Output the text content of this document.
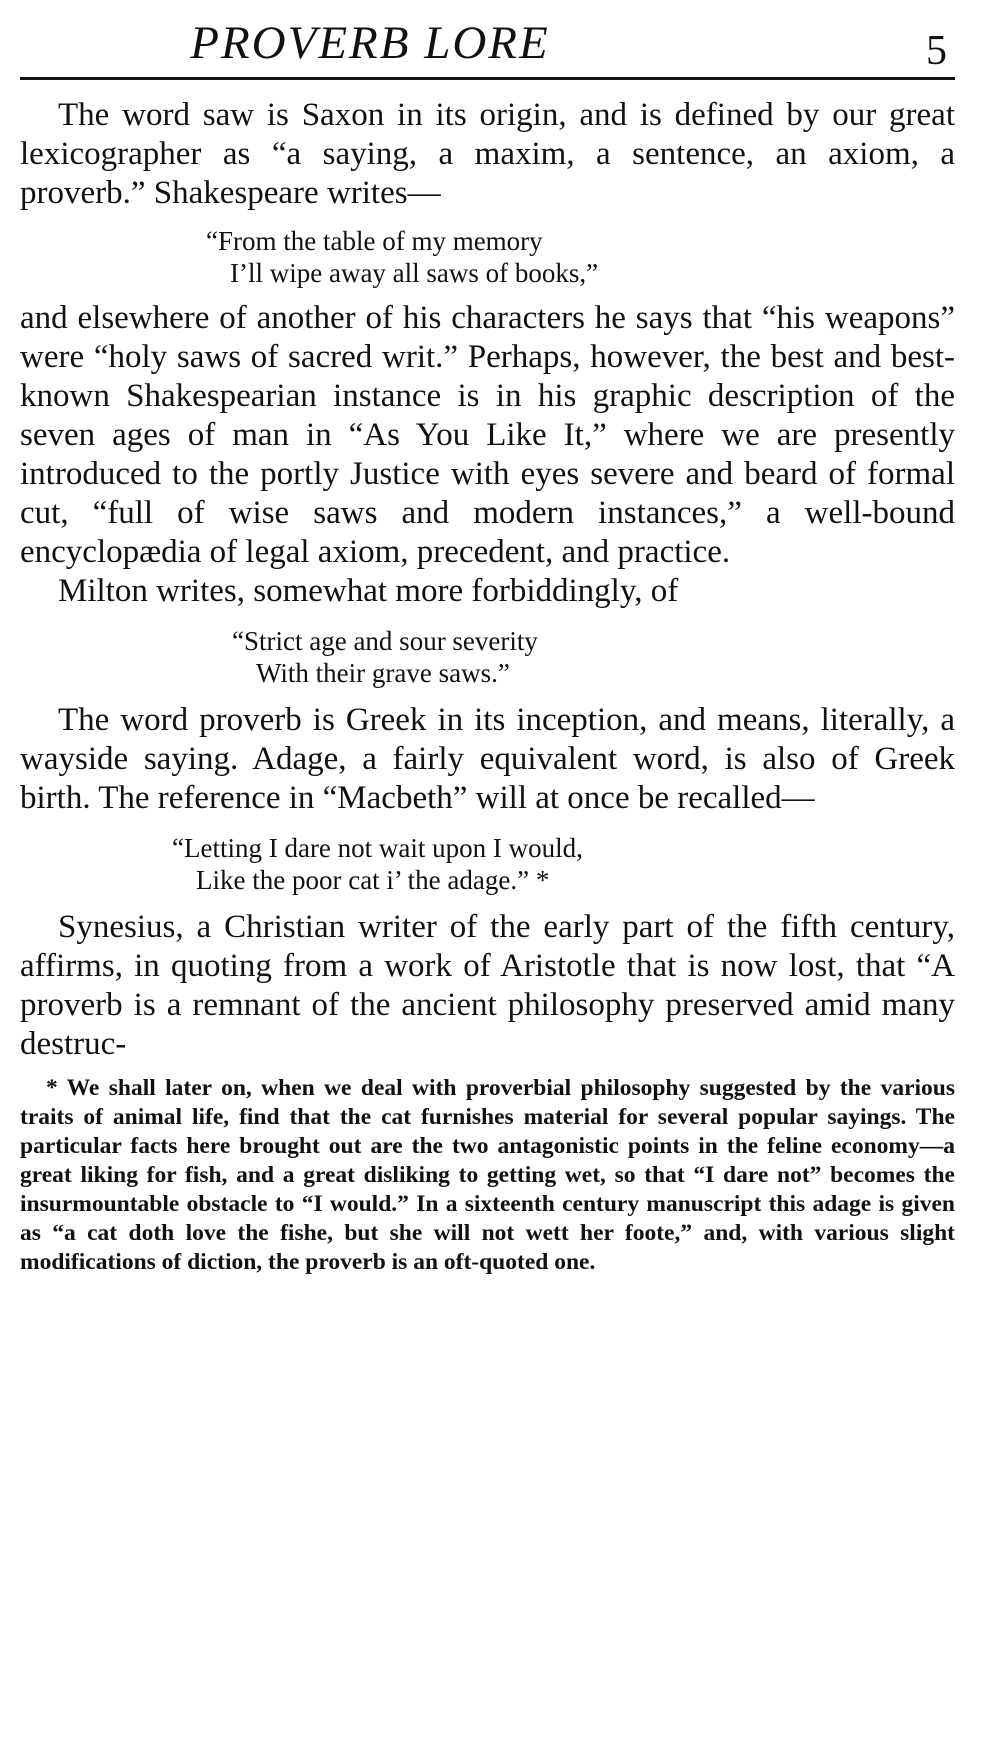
PROVERB LORE	5

The word saw is Saxon in its origin, and is defined by our great lexicographer as “a saying, a maxim, a sentence, an axiom, a proverb.” Shakespeare writes—

“From the table of my memory
I’ll wipe away all saws of books,”

and elsewhere of another of his characters he says that “his weapons” were “holy saws of sacred writ.” Perhaps, however, the best and best-known Shakespearian instance is in his graphic description of the seven ages of man in “As You Like It,” where we are presently introduced to the portly Justice with eyes severe and beard of formal cut, “full of wise saws and modern instances,” a well-bound encyclopædia of legal axiom, precedent, and practice.

Milton writes, somewhat more forbiddingly, of

“Strict age and sour severity
With their grave saws.”

The word proverb is Greek in its inception, and means, literally, a wayside saying. Adage, a fairly equivalent word, is also of Greek birth. The reference in “Macbeth” will at once be recalled—

“Letting I dare not wait upon I would,
Like the poor cat i’ the adage.” *

Synesius, a Christian writer of the early part of the fifth century, affirms, in quoting from a work of Aristotle that is now lost, that “A proverb is a remnant of the ancient philosophy preserved amid many destruc-

* We shall later on, when we deal with proverbial philosophy suggested by the various traits of animal life, find that the cat furnishes material for several popular sayings. The particular facts here brought out are the two antagonistic points in the feline economy—a great liking for fish, and a great disliking to getting wet, so that “I dare not” becomes the insurmountable obstacle to “I would.” In a sixteenth century manuscript this adage is given as “a cat doth love the fishe, but she will not wett her foote,” and, with various slight modifications of diction, the proverb is an oft-quoted one.
